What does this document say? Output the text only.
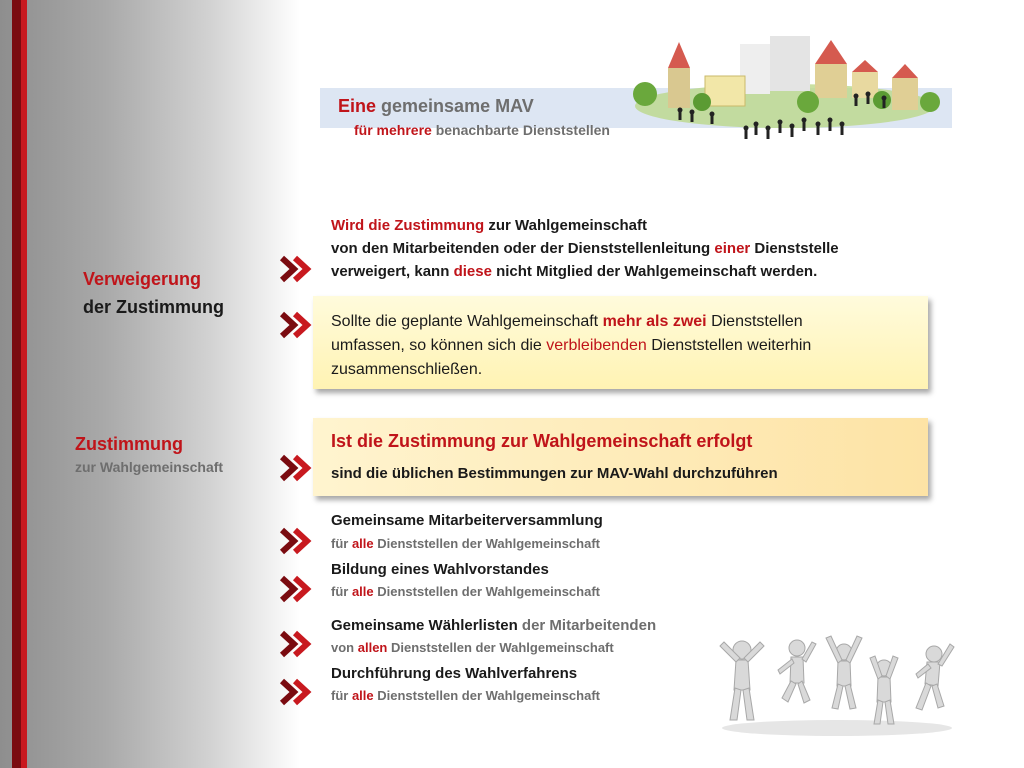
Eine gemeinsame MAV
für mehrere benachbarte Dienststellen
Verweigerung
der Zustimmung
Wird die Zustimmung zur Wahlgemeinschaft
von den Mitarbeitenden oder der Dienststellenleitung einer Dienststelle
verweigert, kann diese nicht Mitglied der Wahlgemeinschaft werden.
Sollte die geplante Wahlgemeinschaft mehr als zwei Dienststellen
umfassen, so können sich die verbleibenden Dienststellen weiterhin
zusammenschließen.
Zustimmung
zur Wahlgemeinschaft
Ist die Zustimmung zur Wahlgemeinschaft erfolgt
sind die üblichen Bestimmungen zur MAV-Wahl durchzuführen
Gemeinsame Mitarbeiterversammlung
für alle Dienststellen der Wahlgemeinschaft
Bildung eines Wahlvorstandes
für alle Dienststellen der Wahlgemeinschaft
Gemeinsame Wählerlisten der Mitarbeitenden
von allen Dienststellen der Wahlgemeinschaft
Durchführung des Wahlverfahrens
für alle Dienststellen der Wahlgemeinschaft
